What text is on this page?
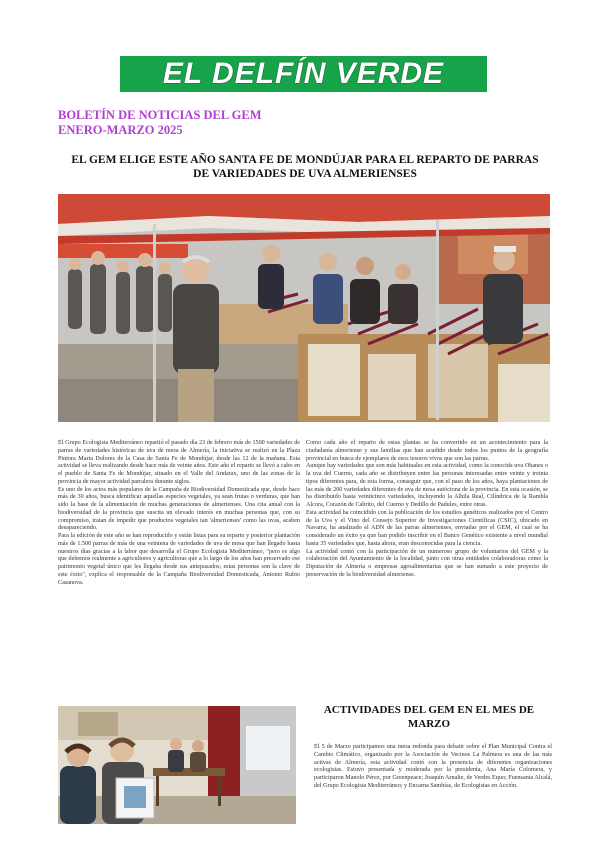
EL DELFÍN VERDE
BOLETÍN DE NOTICIAS DEL GEM
ENERO-MARZO 2025
EL GEM ELIGE ESTE AÑO SANTA FE DE MONDÚJAR PARA EL REPARTO DE PARRAS DE VARIEDADES DE UVA ALMERIENSES

El Grupo Ecologista Mediterráneo repartió el pasado día 23 de febrero más de 1500 variedades de parras de variedades históricas de uva de mesa de Almería, la iniciativa se realizó en la Plaza Pintora Marta Dolores de la Casa de Santa Fe de Mondújar, desde las 12 de la mañana. Esta actividad se lleva realizando desde hace más de veinte años. Este año el reparto se llevó a cabo en el pueblo de Santa Fe de Mondújar, situado en el Valle del Andarax, uno de las zonas de la provincia de mayor actividad parralera durante siglos.

Es uno de los actos más populares de la Campaña de Biodiversidad Domesticada que, desde hace más de 30 años, busca identificar aquellas especies vegetales, ya sean frutas o verduras, que han sido la base de la alimentación de muchas generaciones de almerienses. Una cita anual con la biodiversidad de la provincia que suscita un elevado interés en muchas personas que, con su compromiso, tratan de impedir que productos vegetales tan 'almerienses' como las uvas, acaben desapareciendo.

Para la edición de este año se han reproducido y están listas para su reparto y posterior plantación más de 1.500 parras de más de una veintena de variedades de uva de mesa que han llegado hasta nuestros días gracias a la labor que desarrolla el Grupo Ecologista Mediterráneo, "pero es algo que debemos realmente a agricultores y agricultoras que a lo largo de los años han preservado ese patrimonio vegetal único que les llegaba desde sus antepasados; estas personas son la clave de este éxito", explica el responsable de la Campaña Biodiversidad Domesticada, Antonio Rubio Casanova.

Como cada año el reparto de estas plantas se ha convertido en un acontecimiento para la ciudadanía almeriense y sus familias que han acudido desde todos los puntos de la geografía provincial en busca de ejemplares de esos tesoros vivos que son las parras.

Aunque hay variedades que son más habituales en esta actividad, como la conocida uva Ohanes o la uva del Cuerno, cada año se distribuyen entre las personas interesadas entre veinte y treinta tipos diferentes para, de esta forma, conseguir que, con el paso de los años, haya plantaciones de las más de 200 variedades diferentes de uva de mesa autóctona de la provincia. En esta ocasión, se ha distribuido hasta veinticinco variedades, incluyendo la Alhila Real, Cilíndrica de la Rambla Alcora, Corazón de Cabrito, del Cuerno y Dedillo de Padules, entre otras.

Esta actividad ha coincidido con la publicación de los estudios genéticos realizados por el Centro de la Uva y el Vino del Consejo Superior de Investigaciones Científicas (CSIC), ubicado en Navarra, ha analizado el ADN de las parras almerienses, enviadas por el GEM, el cual se ha considerado un éxito ya que han podido inscribir en el Banco Genético existente a nivel mundial hasta 35 variedades que, hasta ahora, eran desconocidas para la ciencia.

La actividad contó con la participación de un numeroso grupo de voluntarios del GEM y la colaboración del Ayuntamiento de la localidad, junto con otras entidades colaboradoras como la Diputación de Almería o empresas agroalimentarias que se han sumado a este proyecto de preservación de la biodiversidad almeriense.

ACTIVIDADES DEL GEM EN EL MES DE MARZO
El 5 de Marzo participamos una mesa redonda para debatir sobre el Plan Municipal Contra el Cambio Climático, organizado por la Asociación de Vecinos La Palmera es una de las más activas de Almería, esta actividad contó con la presencia de diferentes organizaciones ecologistas. Estuvo presentada y moderada por la presidenta, Ana María Colomera, y participaron Manolo Pérez, por Greenpeace; Joaquín Arnalte, de Verdes Equo; Fuensanta Alcalá, del Grupo Ecologista Mediterráneo; y Encarna Sambías, de Ecologistas en Acción.
